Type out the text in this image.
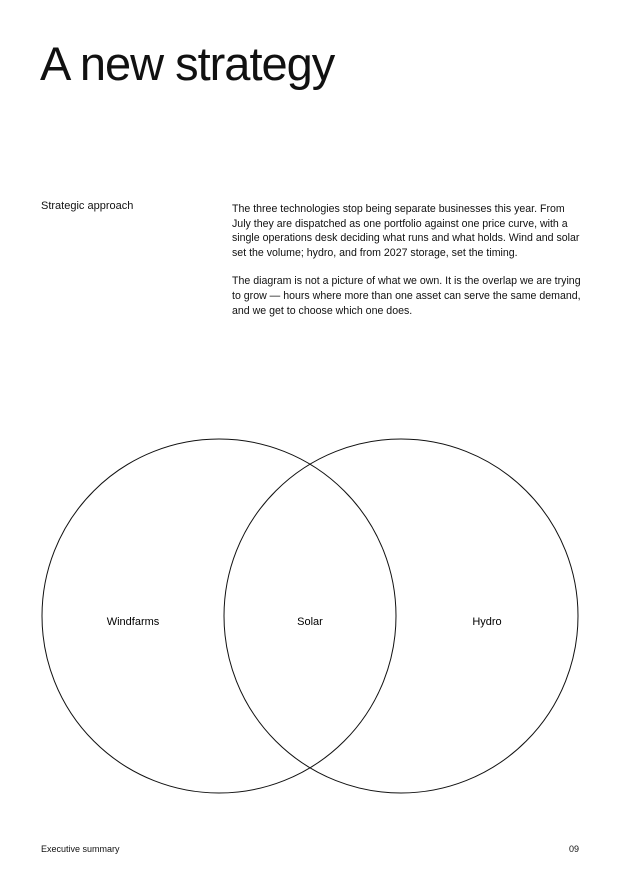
A new strategy
Strategic approach	The three technologies stop being separate businesses this year. From July they are dispatched as one portfolio against one price curve, with a single operations desk deciding what runs and what holds. Wind and solar set the volume; hydro, and from 2027 storage, set the timing.

The diagram is not a picture of what we own. It is the overlap we are trying to grow — hours where more than one asset can serve the same demand, and we get to choose which one does.

Windfarms	Solar	Hydro
Executive summary	09
